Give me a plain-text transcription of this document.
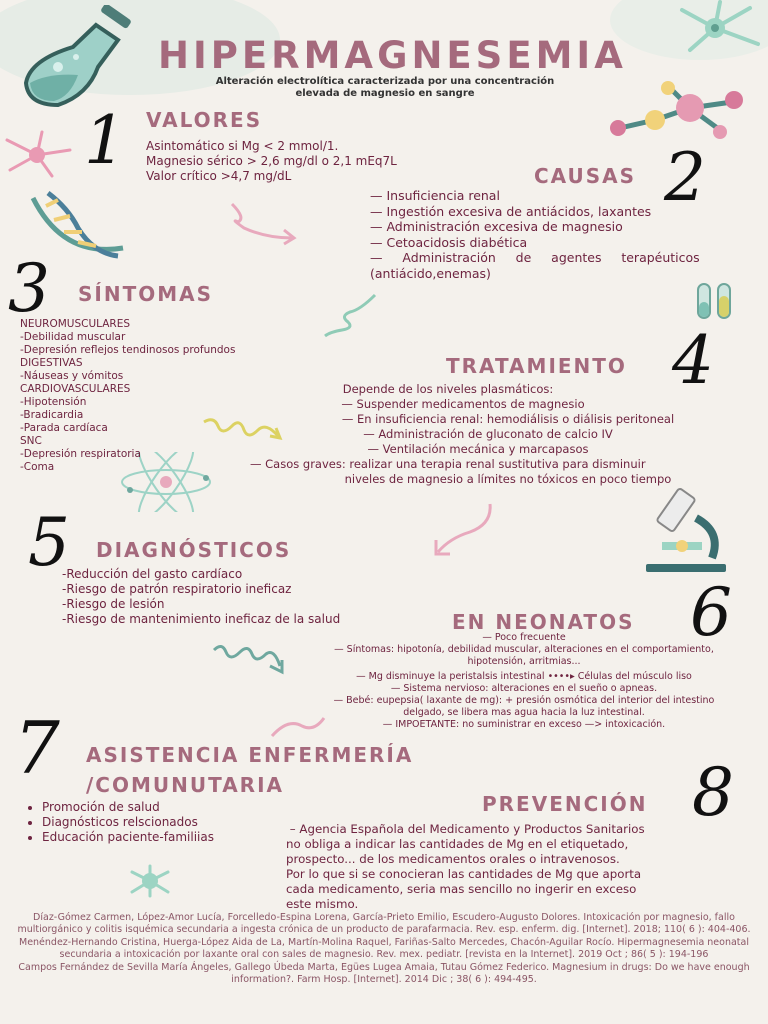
HIPERMAGNESEMIA
Alteración electrolítica caracterizada por una concentración
elevada de magnesio en sangre
1 VALORES

Asintomático si Mg < 2 mmol/1.

Magnesio sérico > 2,6 mg/dl o 2,1 mEq7L

Valor crítico >4,7 mg/dL	CAUSAS 2

— Insuficiencia renal

— Ingestión excesiva de antiácidos, laxantes

— Administración excesiva de magnesio

— Cetoacidosis diabética

—     Administración     de     agentes     terapéuticos

(antiácido,enemas)

3 SÍNTOMAS

NEUROMUSCULARES

-Debilidad muscular

-Depresión reflejos tendinosos profundos

DIGESTIVAS

-Náuseas y vómitos

CARDIOVASCULARES

-Hipotensión

-Bradicardia

-Parada cardíaca

SNC

-Depresión respiratoria

-Coma

TRATAMIENTO 4

Depende de los niveles plasmáticos:

— Suspender medicamentos de magnesio

— En insuficiencia renal: hemodiálisis o diálisis peritoneal

— Administración de gluconato de calcio IV

— Ventilación mecánica y marcapasos

— Casos graves: realizar una terapia renal sustitutiva para disminuir

niveles de magnesio a límites no tóxicos en poco tiempo

5 DIAGNÓSTICOS

-Reducción del gasto cardíaco

-Riesgo de patrón respiratorio ineficaz

-Riesgo de lesión

-Riesgo de mantenimiento ineficaz de la salud	EN NEONATOS 6

— Poco frecuente

— Síntomas: hipotonía, debilidad muscular, alteraciones en el comportamiento,

hipotensión, arritmias...

— Mg disminuye la peristalsis intestinal ••••▸ Células del músculo liso

— Sistema nervioso: alteraciones en el sueño o apneas.

— Bebé: eupepsia( laxante de mg): + presión osmótica del interior del intestino

delgado, se libera mas agua hacia la luz intestinal.

— IMPOETANTE: no suministrar en exceso —> intoxicación.

7 ASISTENCIA ENFERMERÍA
/COMUNUTARIA
• Promoción de salud
• Diagnósticos relscionados
• Educación paciente-familiias
PREVENCIÓN 8

– Agencia Española del Medicamento y Productos Sanitarios

no obliga a indicar las cantidades de Mg en el etiquetado,

prospecto... de los medicamentos orales o intravenosos.

Por lo que si se conocieran las cantidades de Mg que aporta

cada medicamento, seria mas sencillo no ingerir en exceso

este mismo.

Díaz-Gómez Carmen, López-Amor Lucía, Forcelledo-Espina Lorena, García-Prieto Emilio, Escudero-Augusto Dolores. Intoxicación por magnesio, fallo multiorgánico y colitis isquémica secundaria a ingesta crónica de un producto de parafarmacia. Rev. esp. enferm. dig. [Internet]. 2018; 110( 6 ): 404-406.

Menéndez-Hernando Cristina, Huerga-López Aida de La, Martín-Molina Raquel, Fariñas-Salto Mercedes, Chacón-Aguilar Rocío. Hipermagnesemia neonatal secundaria a intoxicación por laxante oral con sales de magnesio. Rev. mex. pediatr. [revista en la Internet]. 2019 Oct ; 86( 5 ): 194-196

Campos Fernández de Sevilla María Ángeles, Gallego Úbeda Marta, Egües Lugea Amaia, Tutau Gómez Federico. Magnesium in drugs: Do we have enough information?. Farm Hosp. [Internet]. 2014 Dic ; 38( 6 ): 494-495.
